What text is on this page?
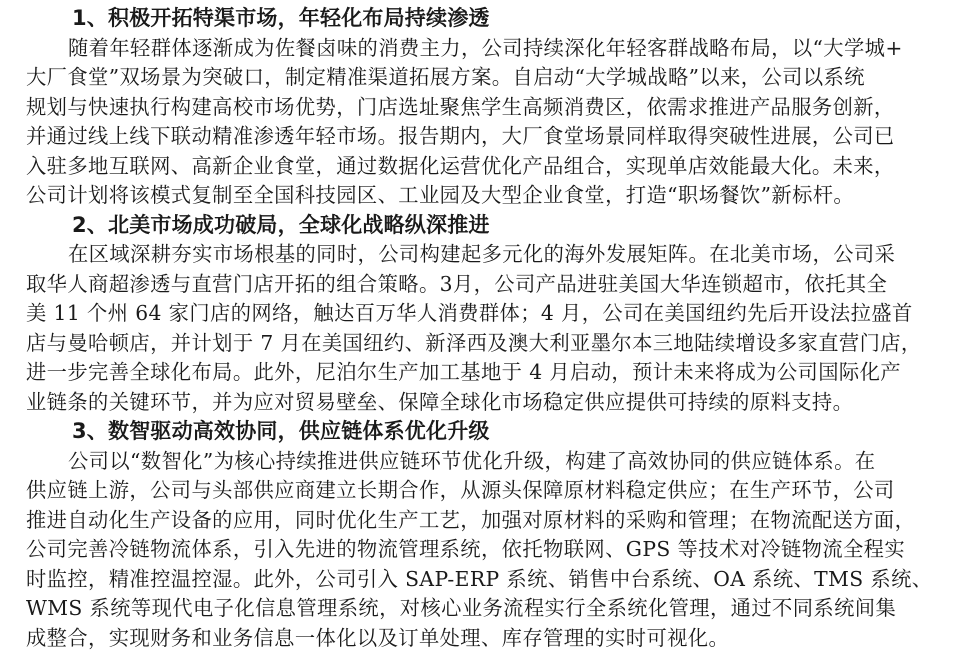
1、积极开拓特渠市场，年轻化布局持续渗透

随着年轻群体逐渐成为佐餐卤味的消费主力，公司持续深化年轻客群战略布局，以“大学城+
大厂食堂”双场景为突破口，制定精准渠道拓展方案。自启动“大学城战略”以来，公司以系统
规划与快速执行构建高校市场优势，门店选址聚焦学生高频消费区，依需求推进产品服务创新，
并通过线上线下联动精准渗透年轻市场。报告期内，大厂食堂场景同样取得突破性进展，公司已
入驻多地互联网、高新企业食堂，通过数据化运营优化产品组合，实现单店效能最大化。未来，
公司计划将该模式复制至全国科技园区、工业园及大型企业食堂，打造“职场餐饮”新标杆。

2、北美市场成功破局，全球化战略纵深推进

在区域深耕夯实市场根基的同时，公司构建起多元化的海外发展矩阵。在北美市场，公司采
取华人商超渗透与直营门店开拓的组合策略。3月，公司产品进驻美国大华连锁超市，依托其全
美 11 个州 64 家门店的网络，触达百万华人消费群体；4 月，公司在美国纽约先后开设法拉盛首
店与曼哈顿店，并计划于 7 月在美国纽约、新泽西及澳大利亚墨尔本三地陆续增设多家直营门店，
进一步完善全球化布局。此外，尼泊尔生产加工基地于 4 月启动，预计未来将成为公司国际化产
业链条的关键环节，并为应对贸易壁垒、保障全球化市场稳定供应提供可持续的原料支持。

3、数智驱动高效协同，供应链体系优化升级

公司以“数智化”为核心持续推进供应链环节优化升级，构建了高效协同的供应链体系。在
供应链上游，公司与头部供应商建立长期合作，从源头保障原材料稳定供应；在生产环节，公司
推进自动化生产设备的应用，同时优化生产工艺，加强对原材料的采购和管理；在物流配送方面，
公司完善冷链物流体系，引入先进的物流管理系统，依托物联网、GPS 等技术对冷链物流全程实
时监控，精准控温控湿。此外，公司引入 SAP-ERP 系统、销售中台系统、OA 系统、TMS 系统、
WMS 系统等现代电子化信息管理系统，对核心业务流程实行全系统化管理，通过不同系统间集
成整合，实现财务和业务信息一体化以及订单处理、库存管理的实时可视化。
